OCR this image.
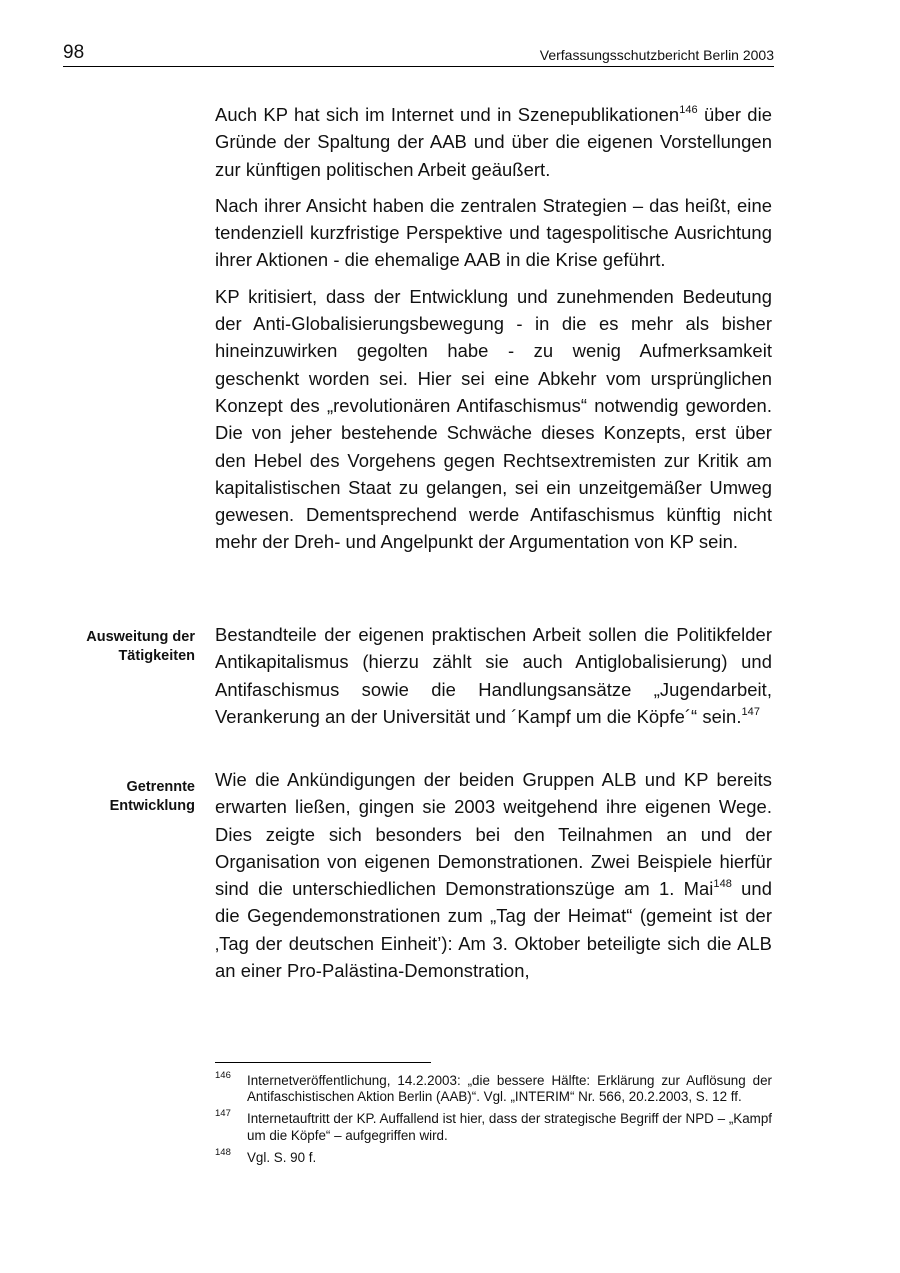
98	Verfassungsschutzbericht Berlin 2003

Auch KP hat sich im Internet und in Szenepublikationen$^{146}$ über die Gründe der Spaltung der AAB und über die eigenen Vorstellungen zur künftigen politischen Arbeit geäußert.

Nach ihrer Ansicht haben die zentralen Strategien – das heißt, eine tendenziell kurzfristige Perspektive und tagespolitische Ausrichtung ihrer Aktionen - die ehemalige AAB in die Krise geführt.

KP kritisiert, dass der Entwicklung und zunehmenden Bedeutung der Anti-Globalisierungsbewegung - in die es mehr als bisher hineinzuwirken gegolten habe - zu wenig Aufmerksamkeit geschenkt worden sei. Hier sei eine Abkehr vom ursprünglichen Konzept des „revolutionären Antifaschismus“ notwendig geworden. Die von jeher bestehende Schwäche dieses Konzepts, erst über den Hebel des Vorgehens gegen Rechtsextremisten zur Kritik am kapitalistischen Staat zu gelangen, sei ein unzeitgemäßer Umweg gewesen. Dementsprechend werde Antifaschismus künftig nicht mehr der Dreh- und Angelpunkt der Argumentation von KP sein.

Ausweitung der
Tätigkeiten

Bestandteile der eigenen praktischen Arbeit sollen die Politikfelder Antikapitalismus (hierzu zählt sie auch Antiglobalisierung) und Antifaschismus sowie die Handlungsansätze „Jugendarbeit, Verankerung an der Universität und ´Kampf um die Köpfe´“ sein.$^{147}$

Getrennte
Entwicklung

Wie die Ankündigungen der beiden Gruppen ALB und KP bereits erwarten ließen, gingen sie 2003 weitgehend ihre eigenen Wege. Dies zeigte sich besonders bei den Teilnahmen an und der Organisation von eigenen Demonstrationen. Zwei Beispiele hierfür sind die unterschiedlichen Demonstrationszüge am 1. Mai$^{148}$ und die Gegendemonstrationen zum „Tag der Heimat“ (gemeint ist der ‚Tag der deutschen Einheit’): Am 3. Oktober beteiligte sich die ALB an einer Pro-Palästina-Demonstration,

146 Internetveröffentlichung, 14.2.2003: „die bessere Hälfte: Erklärung zur Auflösung der Antifaschistischen Aktion Berlin (AAB)“. Vgl. „INTERIM“ Nr. 566, 20.2.2003, S. 12 ff.
147 Internetauftritt der KP. Auffallend ist hier, dass der strategische Begriff der NPD – „Kampf um die Köpfe“ – aufgegriffen wird.
148 Vgl. S. 90 f.
